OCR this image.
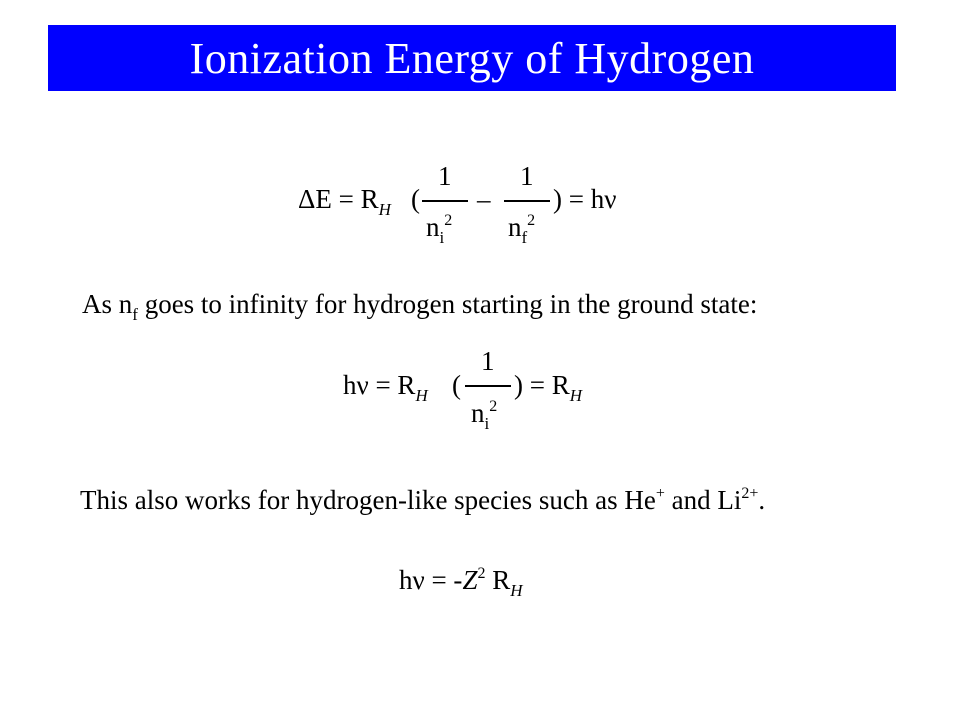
Ionization Energy of Hydrogen
$\Delta E = R_H$ (
1
$n_i^2$
–
1
$n_f^2$
) = hν
As $n_f$ goes to infinity for hydrogen starting in the ground state:
$h\nu = R_H$ (
1
$n_i^2$
) = $R_H$
This also works for hydrogen-like species such as He+ and $Li^{2+}$.
$h\nu = -Z^2$ $R_H$
